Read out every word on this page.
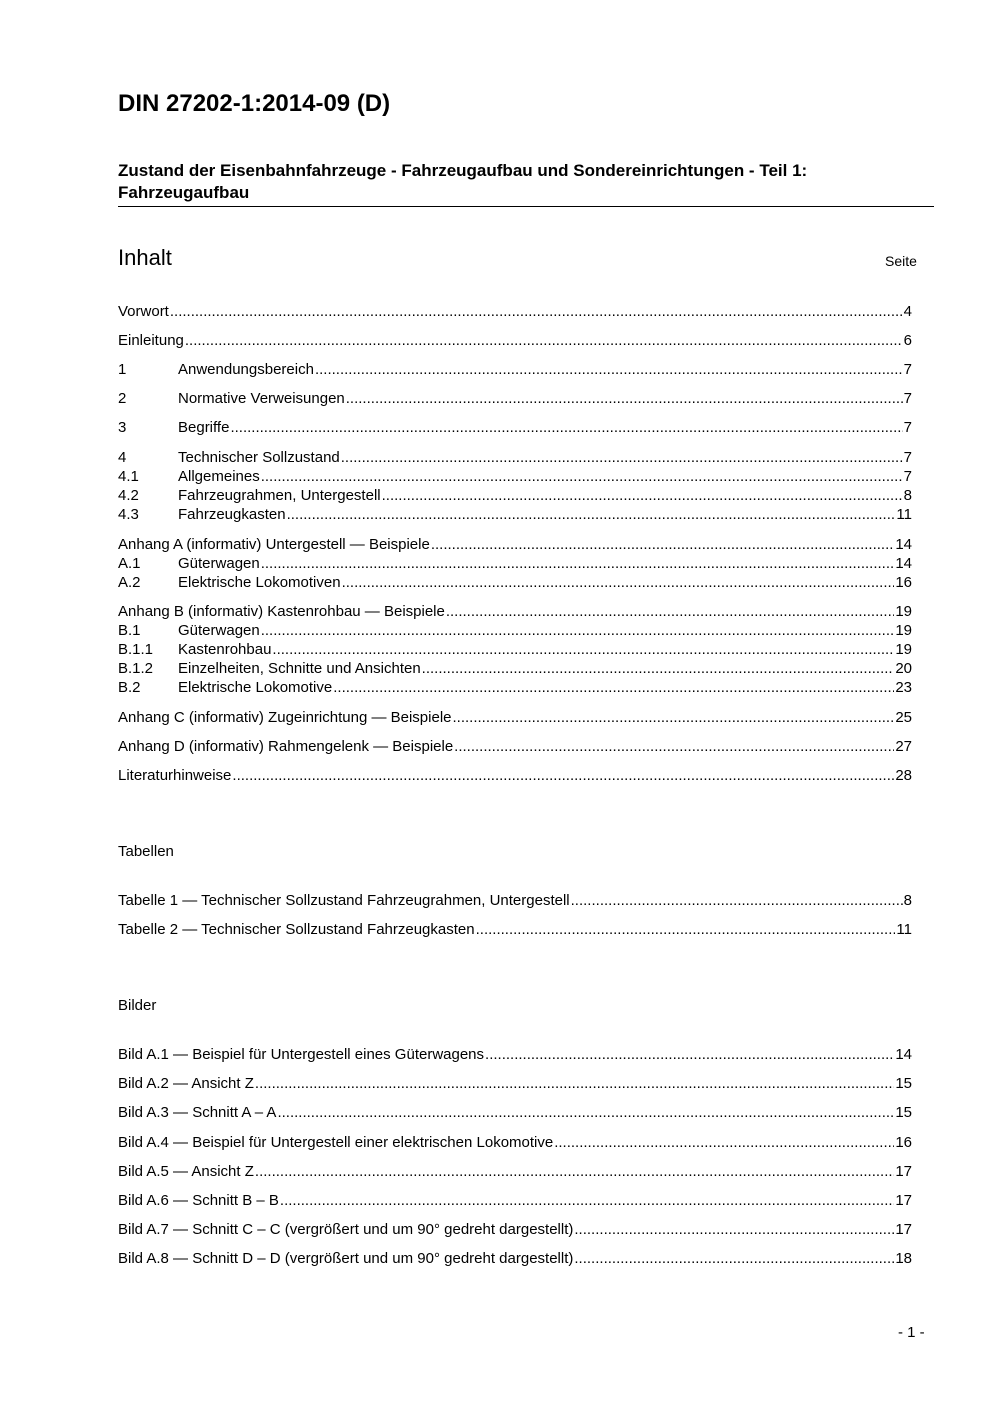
DIN 27202-1:2014-09 (D)
Zustand der Eisenbahnfahrzeuge - Fahrzeugaufbau und Sondereinrichtungen - Teil 1: Fahrzeugaufbau
Inhalt	Seite
Vorwort .....	4
Einleitung .....	6
1	Anwendungsbereich .....	7
2	Normative Verweisungen .....	7
3	Begriffe .....	7
4	Technischer Sollzustand .....	7
4.1	Allgemeines .....	7
4.2	Fahrzeugrahmen, Untergestell .....	8
4.3	Fahrzeugkasten .....	11
Anhang A (informativ) Untergestell — Beispiele .....	14
A.1	Güterwagen .....	14
A.2	Elektrische Lokomotiven .....	16
Anhang B (informativ) Kastenrohbau — Beispiele .....	19
B.1	Güterwagen .....	19
B.1.1	Kastenrohbau .....	19
B.1.2	Einzelheiten, Schnitte und Ansichten .....	20
B.2	Elektrische Lokomotive .....	23
Anhang C (informativ) Zugeinrichtung — Beispiele .....	25
Anhang D (informativ) Rahmengelenk — Beispiele .....	27
Literaturhinweise .....	28
Tabellen
Tabelle 1 — Technischer Sollzustand Fahrzeugrahmen, Untergestell .....	8
Tabelle 2 — Technischer Sollzustand Fahrzeugkasten .....	11
Bilder
Bild A.1 — Beispiel für Untergestell eines Güterwagens .....	14
Bild A.2 — Ansicht Z .....	15
Bild A.3 — Schnitt A – A .....	15
Bild A.4 — Beispiel für Untergestell einer elektrischen Lokomotive .....	16
Bild A.5 — Ansicht Z .....	17
Bild A.6 — Schnitt B – B .....	17
Bild A.7 — Schnitt C – C (vergrößert und um 90° gedreht dargestellt) .....	17
Bild A.8 — Schnitt D – D (vergrößert und um 90° gedreht dargestellt) .....	18
- 1 -
